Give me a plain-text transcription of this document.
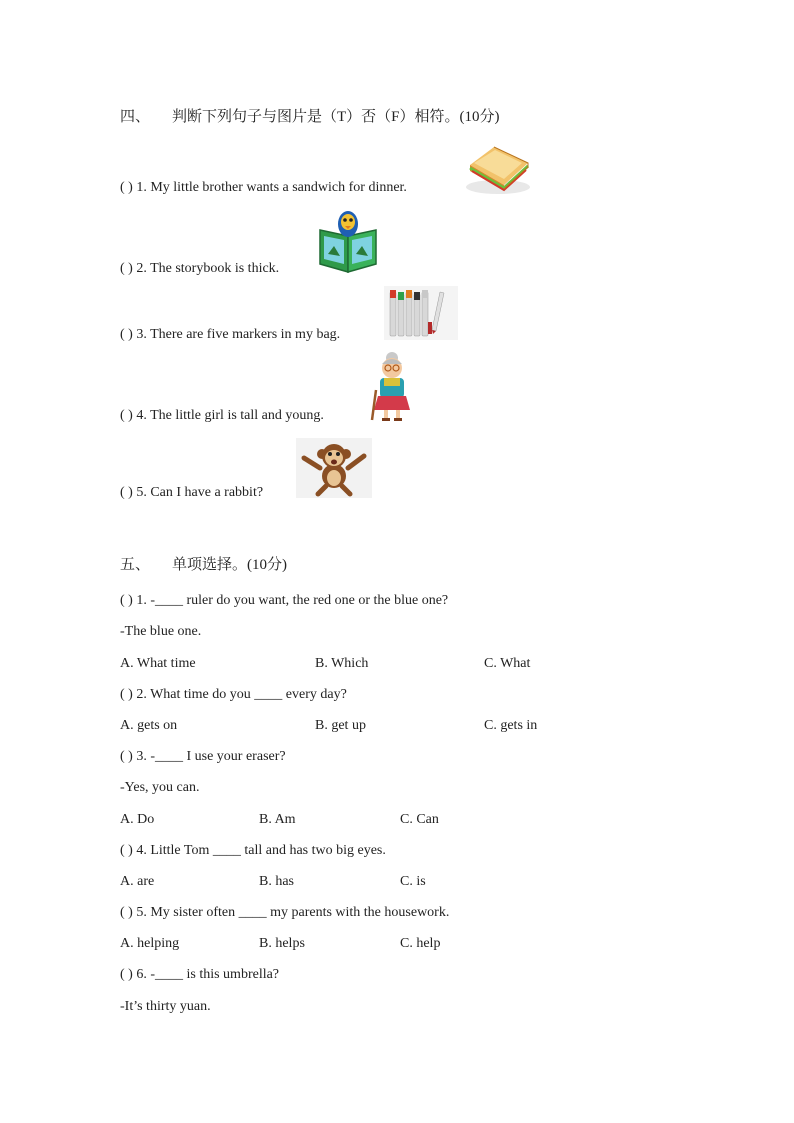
四、 判断下列句子与图片是（T）否（F）相符。(10分)
( ) 1. My little brother wants a sandwich for dinner.
( ) 2. The storybook is thick.
( ) 3. There are five markers in my bag.
( ) 4. The little girl is tall and young.
( ) 5. Can I have a rabbit?
五、 单项选择。(10分)
( ) 1. -____ ruler do you want, the red one or the blue one?
-The blue one.
A. What time	B. Which	C. What
( ) 2. What time do you ____ every day?
A. gets on	B. get up	C. gets in
( ) 3. -____ I use your eraser?
-Yes, you can.
A. Do	B. Am	C. Can
( ) 4. Little Tom ____ tall and has two big eyes.
A. are	B. has	C. is
( ) 5. My sister often ____ my parents with the housework.
A. helping	B. helps	C. help
( ) 6. -____ is this umbrella?
-It’s thirty yuan.
